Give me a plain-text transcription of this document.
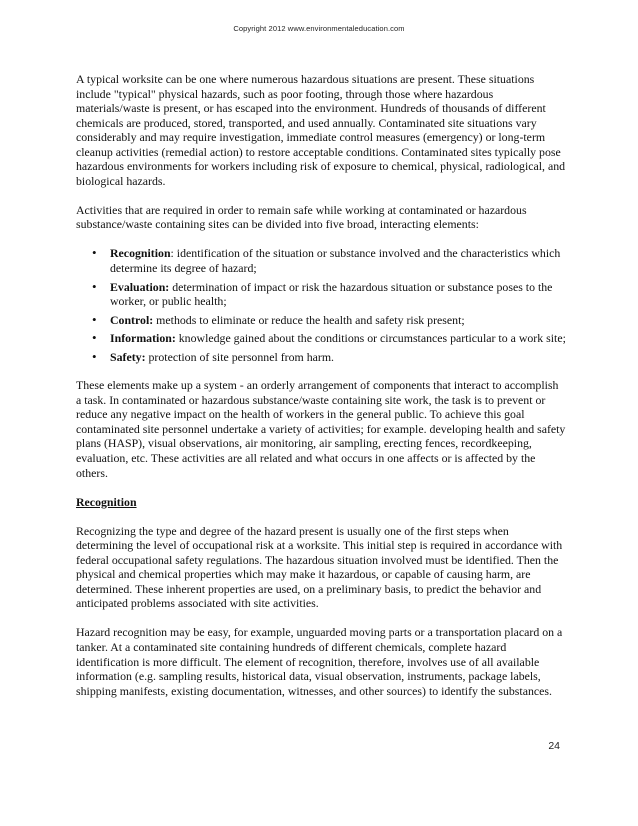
Copyright 2012 www.environmentaleducation.com

A typical worksite can be one where numerous hazardous situations are present. These situations include "typical" physical hazards, such as poor footing, through those where hazardous materials/waste is present, or has escaped into the environment. Hundreds of thousands of different chemicals are produced, stored, transported, and used annually. Contaminated site situations vary considerably and may require investigation, immediate control measures (emergency) or long-term cleanup activities (remedial action) to restore acceptable conditions. Contaminated sites typically pose hazardous environments for workers including risk of exposure to chemical, physical, radiological, and biological hazards.

Activities that are required in order to remain safe while working at contaminated or hazardous substance/waste containing sites can be divided into five broad, interacting elements:

• Recognition: identification of the situation or substance involved and the characteristics which determine its degree of hazard;
• Evaluation: determination of impact or risk the hazardous situation or substance poses to the worker, or public health;
• Control: methods to eliminate or reduce the health and safety risk present;
• Information: knowledge gained about the conditions or circumstances particular to a work site;
• Safety: protection of site personnel from harm.

These elements make up a system - an orderly arrangement of components that interact to accomplish a task. In contaminated or hazardous substance/waste containing site work, the task is to prevent or reduce any negative impact on the health of workers in the general public. To achieve this goal contaminated site personnel undertake a variety of activities; for example. developing health and safety plans (HASP), visual observations, air monitoring, air sampling, erecting fences, recordkeeping, evaluation, etc. These activities are all related and what occurs in one affects or is affected by the others.

Recognition

Recognizing the type and degree of the hazard present is usually one of the first steps when determining the level of occupational risk at a worksite. This initial step is required in accordance with federal occupational safety regulations. The hazardous situation involved must be identified. Then the physical and chemical properties which may make it hazardous, or capable of causing harm, are determined. These inherent properties are used, on a preliminary basis, to predict the behavior and anticipated problems associated with site activities.

Hazard recognition may be easy, for example, unguarded moving parts or a transportation placard on a tanker. At a contaminated site containing hundreds of different chemicals, complete hazard identification is more difficult. The element of recognition, therefore, involves use of all available information (e.g. sampling results, historical data, visual observation, instruments, package labels, shipping manifests, existing documentation, witnesses, and other sources) to identify the substances.

24
